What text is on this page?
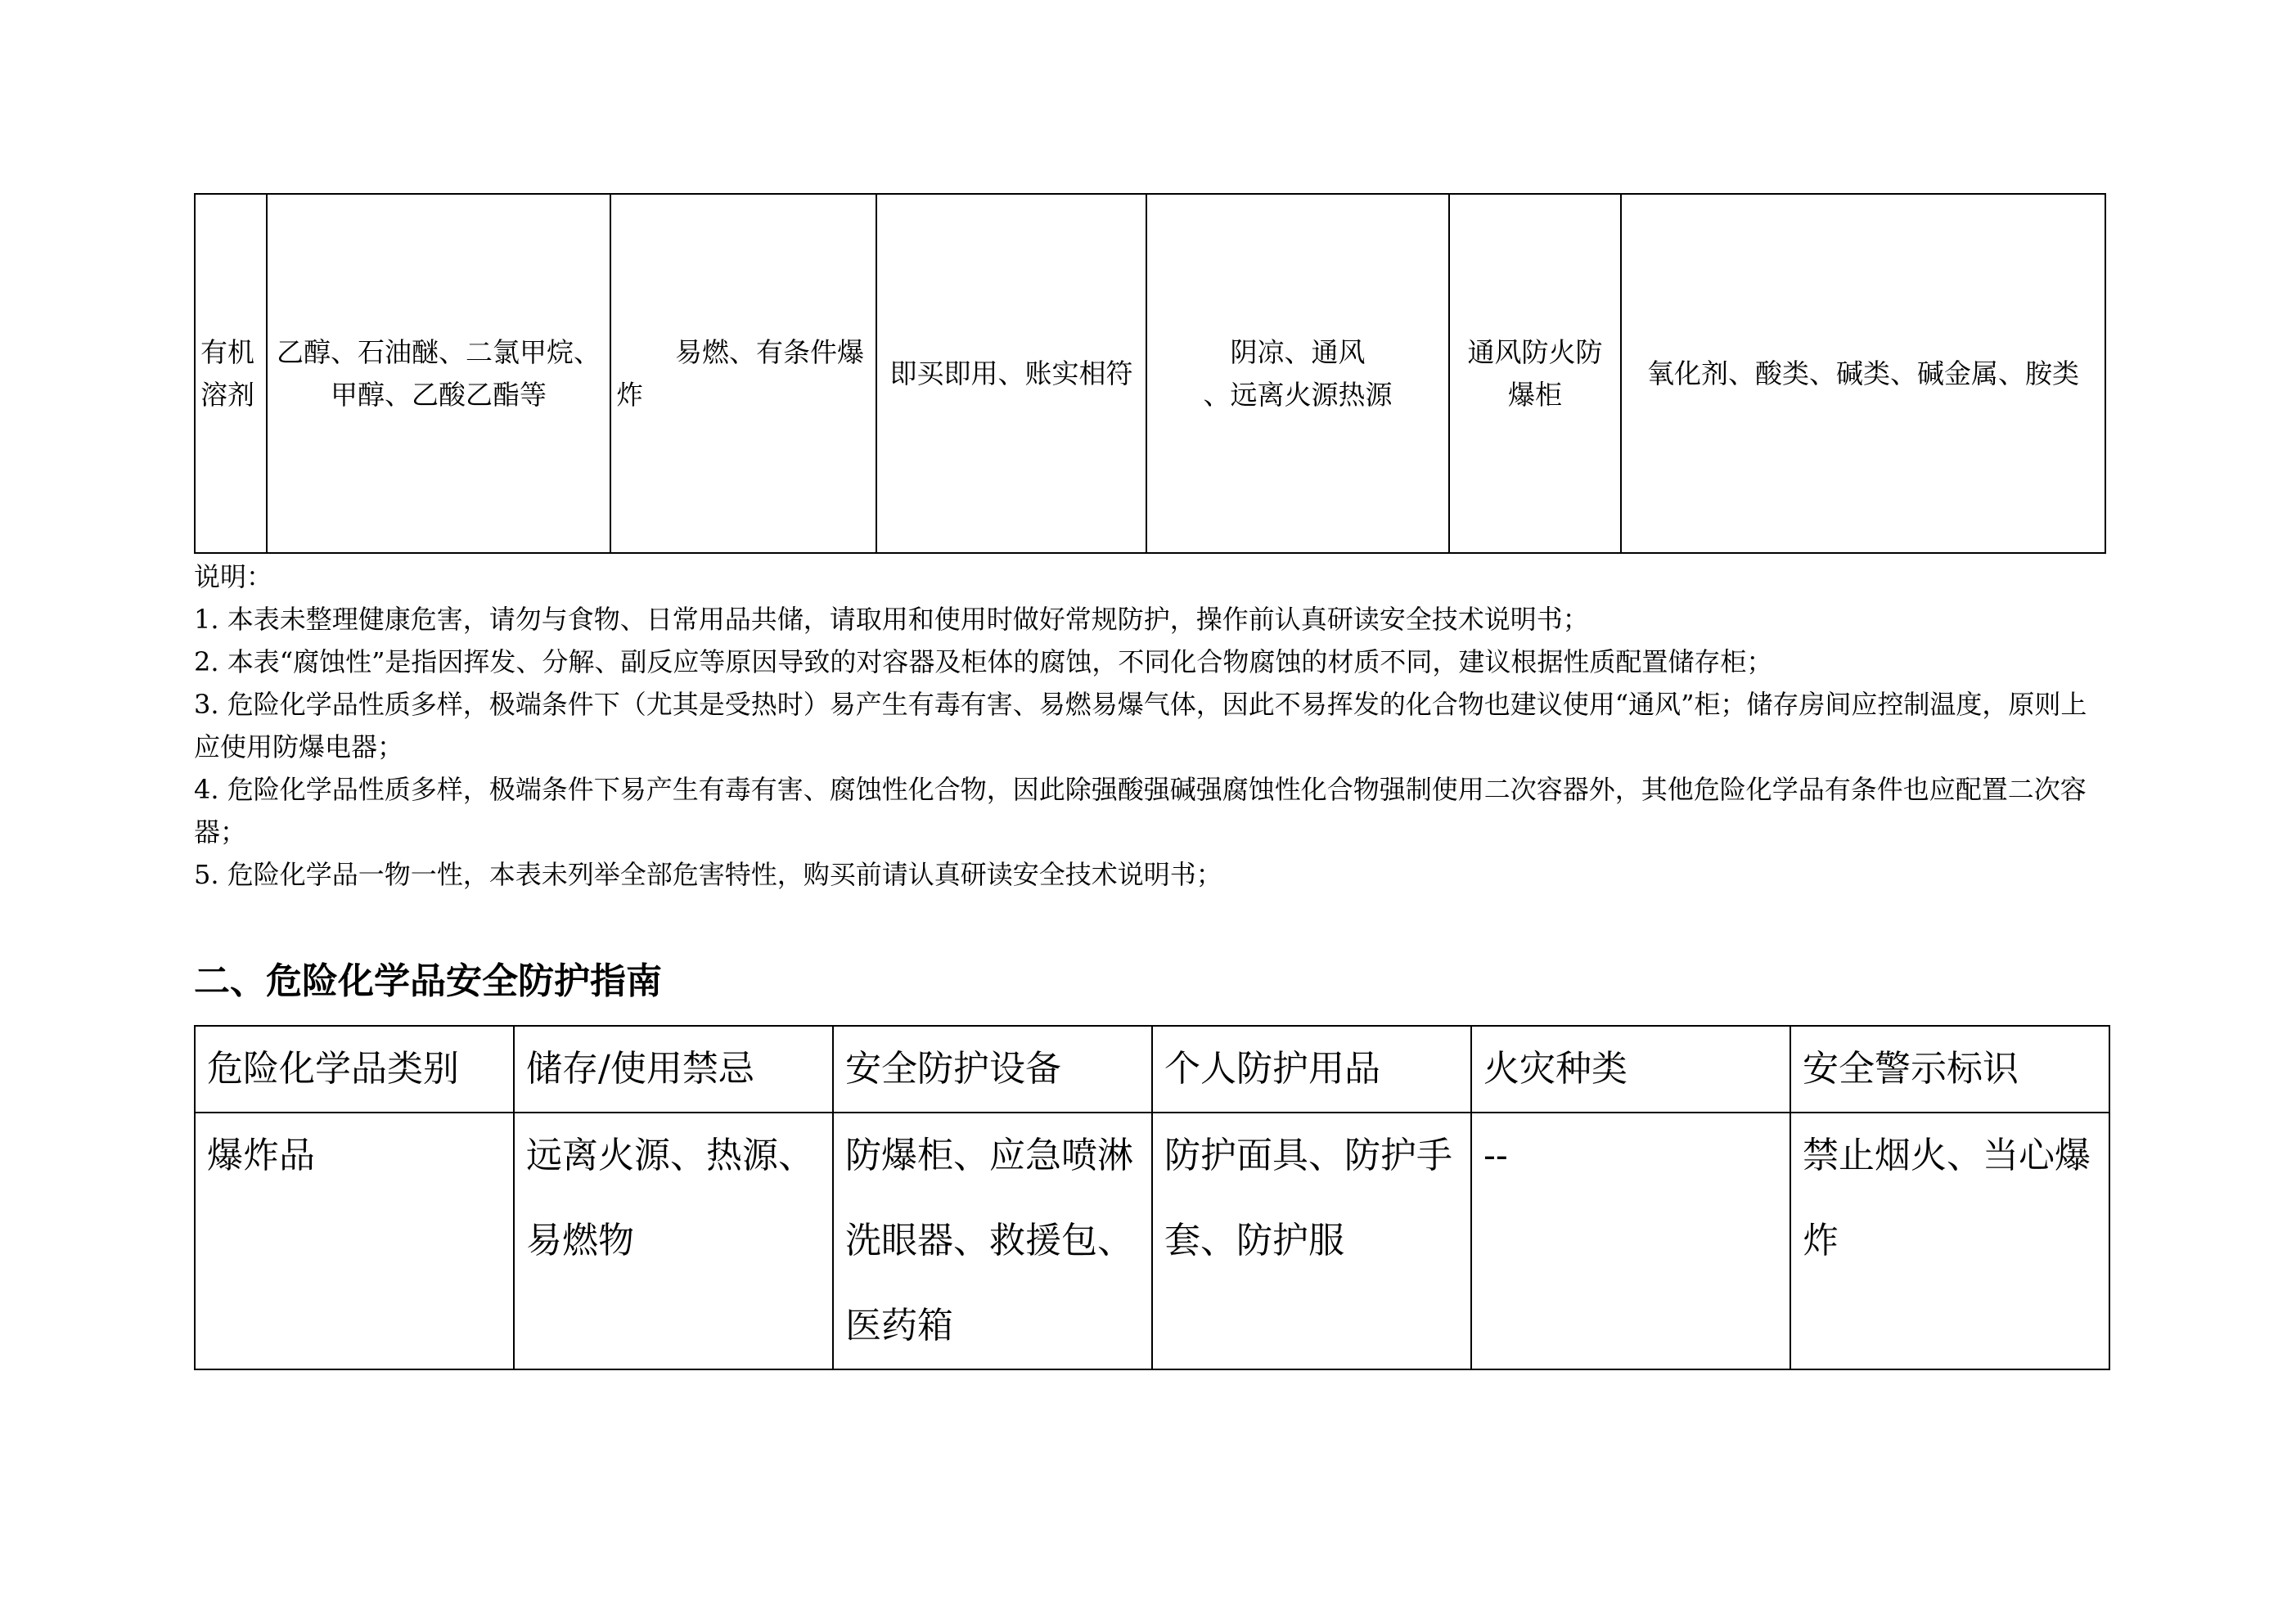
有机溶剂	乙醇、石油醚、二氯甲烷、甲醇、乙酸乙酯等	易燃、有条件爆炸	即买即用、账实相符	阴凉、通风
、远离火源热源	通风防火防爆柜	氧化剂、酸类、碱类、碱金属、胺类

说明：

1. 本表未整理健康危害，请勿与食物、日常用品共储，请取用和使用时做好常规防护，操作前认真研读安全技术说明书；

2. 本表“腐蚀性”是指因挥发、分解、副反应等原因导致的对容器及柜体的腐蚀，不同化合物腐蚀的材质不同，建议根据性质配置储存柜；

3. 危险化学品性质多样，极端条件下（尤其是受热时）易产生有毒有害、易燃易爆气体，因此不易挥发的化合物也建议使用“通风”柜；储存房间应控制温度，原则上应使用防爆电器；

4. 危险化学品性质多样，极端条件下易产生有毒有害、腐蚀性化合物，因此除强酸强碱强腐蚀性化合物强制使用二次容器外，其他危险化学品有条件也应配置二次容器；

5. 危险化学品一物一性，本表未列举全部危害特性，购买前请认真研读安全技术说明书；

二、危险化学品安全防护指南
危险化学品类别	储存/使用禁忌	安全防护设备	个人防护用品	火灾种类	安全警示标识
爆炸品	远离火源、热源、易燃物	防爆柜、应急喷淋洗眼器、救援包、医药箱	防护面具、防护手套、防护服	--	禁止烟火、当心爆炸
